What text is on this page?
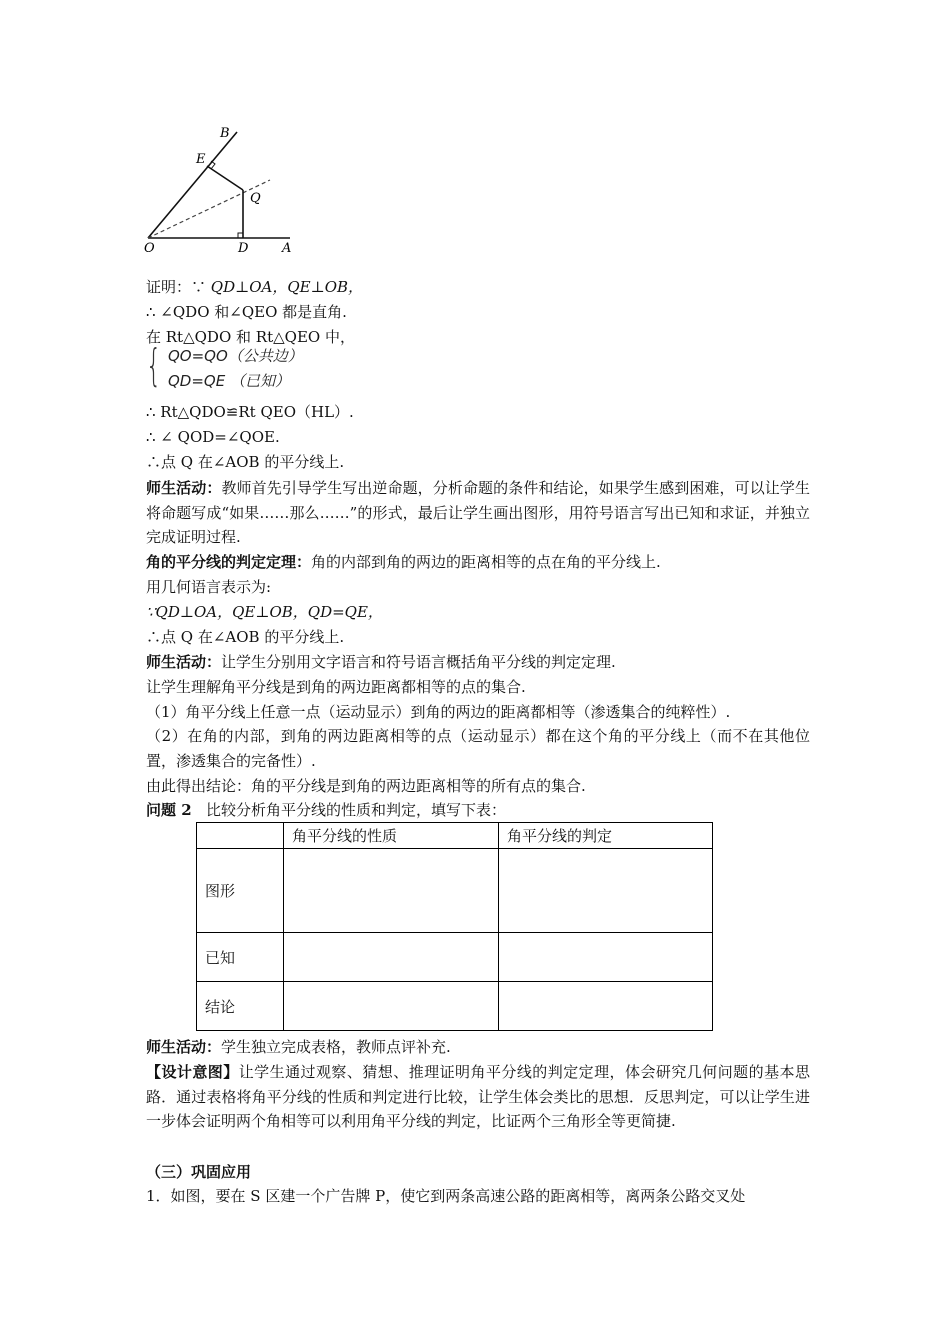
B
E
Q
O	D	A
证明：∵ QD⊥OA，QE⊥OB，
∴ ∠QDO 和∠QEO 都是直角.
在 Rt△QDO 和 Rt△QEO 中，
{ QO=QO（公共边）
QD=QE （已知）
∴ Rt△QDO≌Rt QEO（HL）.
∴ ∠ QOD=∠QOE.
∴点 Q 在∠AOB 的平分线上.
师生活动：教师首先引导学生写出逆命题，分析命题的条件和结论，如果学生感到困难，可以让学生将命题写成“如果……那么……”的形式，最后让学生画出图形，用符号语言写出已知和求证，并独立完成证明过程.
角的平分线的判定定理：角的内部到角的两边的距离相等的点在角的平分线上.
用几何语言表示为:
∵QD⊥OA，QE⊥OB，QD=QE，
∴点 Q 在∠AOB 的平分线上.
师生活动：让学生分别用文字语言和符号语言概括角平分线的判定定理.
让学生理解角平分线是到角的两边距离都相等的点的集合.
（1）角平分线上任意一点（运动显示）到角的两边的距离都相等（渗透集合的纯粹性）.
（2）在角的内部，到角的两边距离相等的点（运动显示）都在这个角的平分线上（而不在其他位置，渗透集合的完备性）.
由此得出结论：角的平分线是到角的两边距离相等的所有点的集合.
问题 2 比较分析角平分线的性质和判定，填写下表：
	角平分线的性质	角平分线的判定
图形		
已知		
结论		
师生活动：学生独立完成表格，教师点评补充.
【设计意图】让学生通过观察、猜想、推理证明角平分线的判定定理，体会研究几何问题的基本思路．通过表格将角平分线的性质和判定进行比较，让学生体会类比的思想．反思判定，可以让学生进一步体会证明两个角相等可以利用角平分线的判定，比证两个三角形全等更简捷.
（三）巩固应用
1．如图，要在 S 区建一个广告牌 P，使它到两条高速公路的距离相等，离两条公路交叉处
